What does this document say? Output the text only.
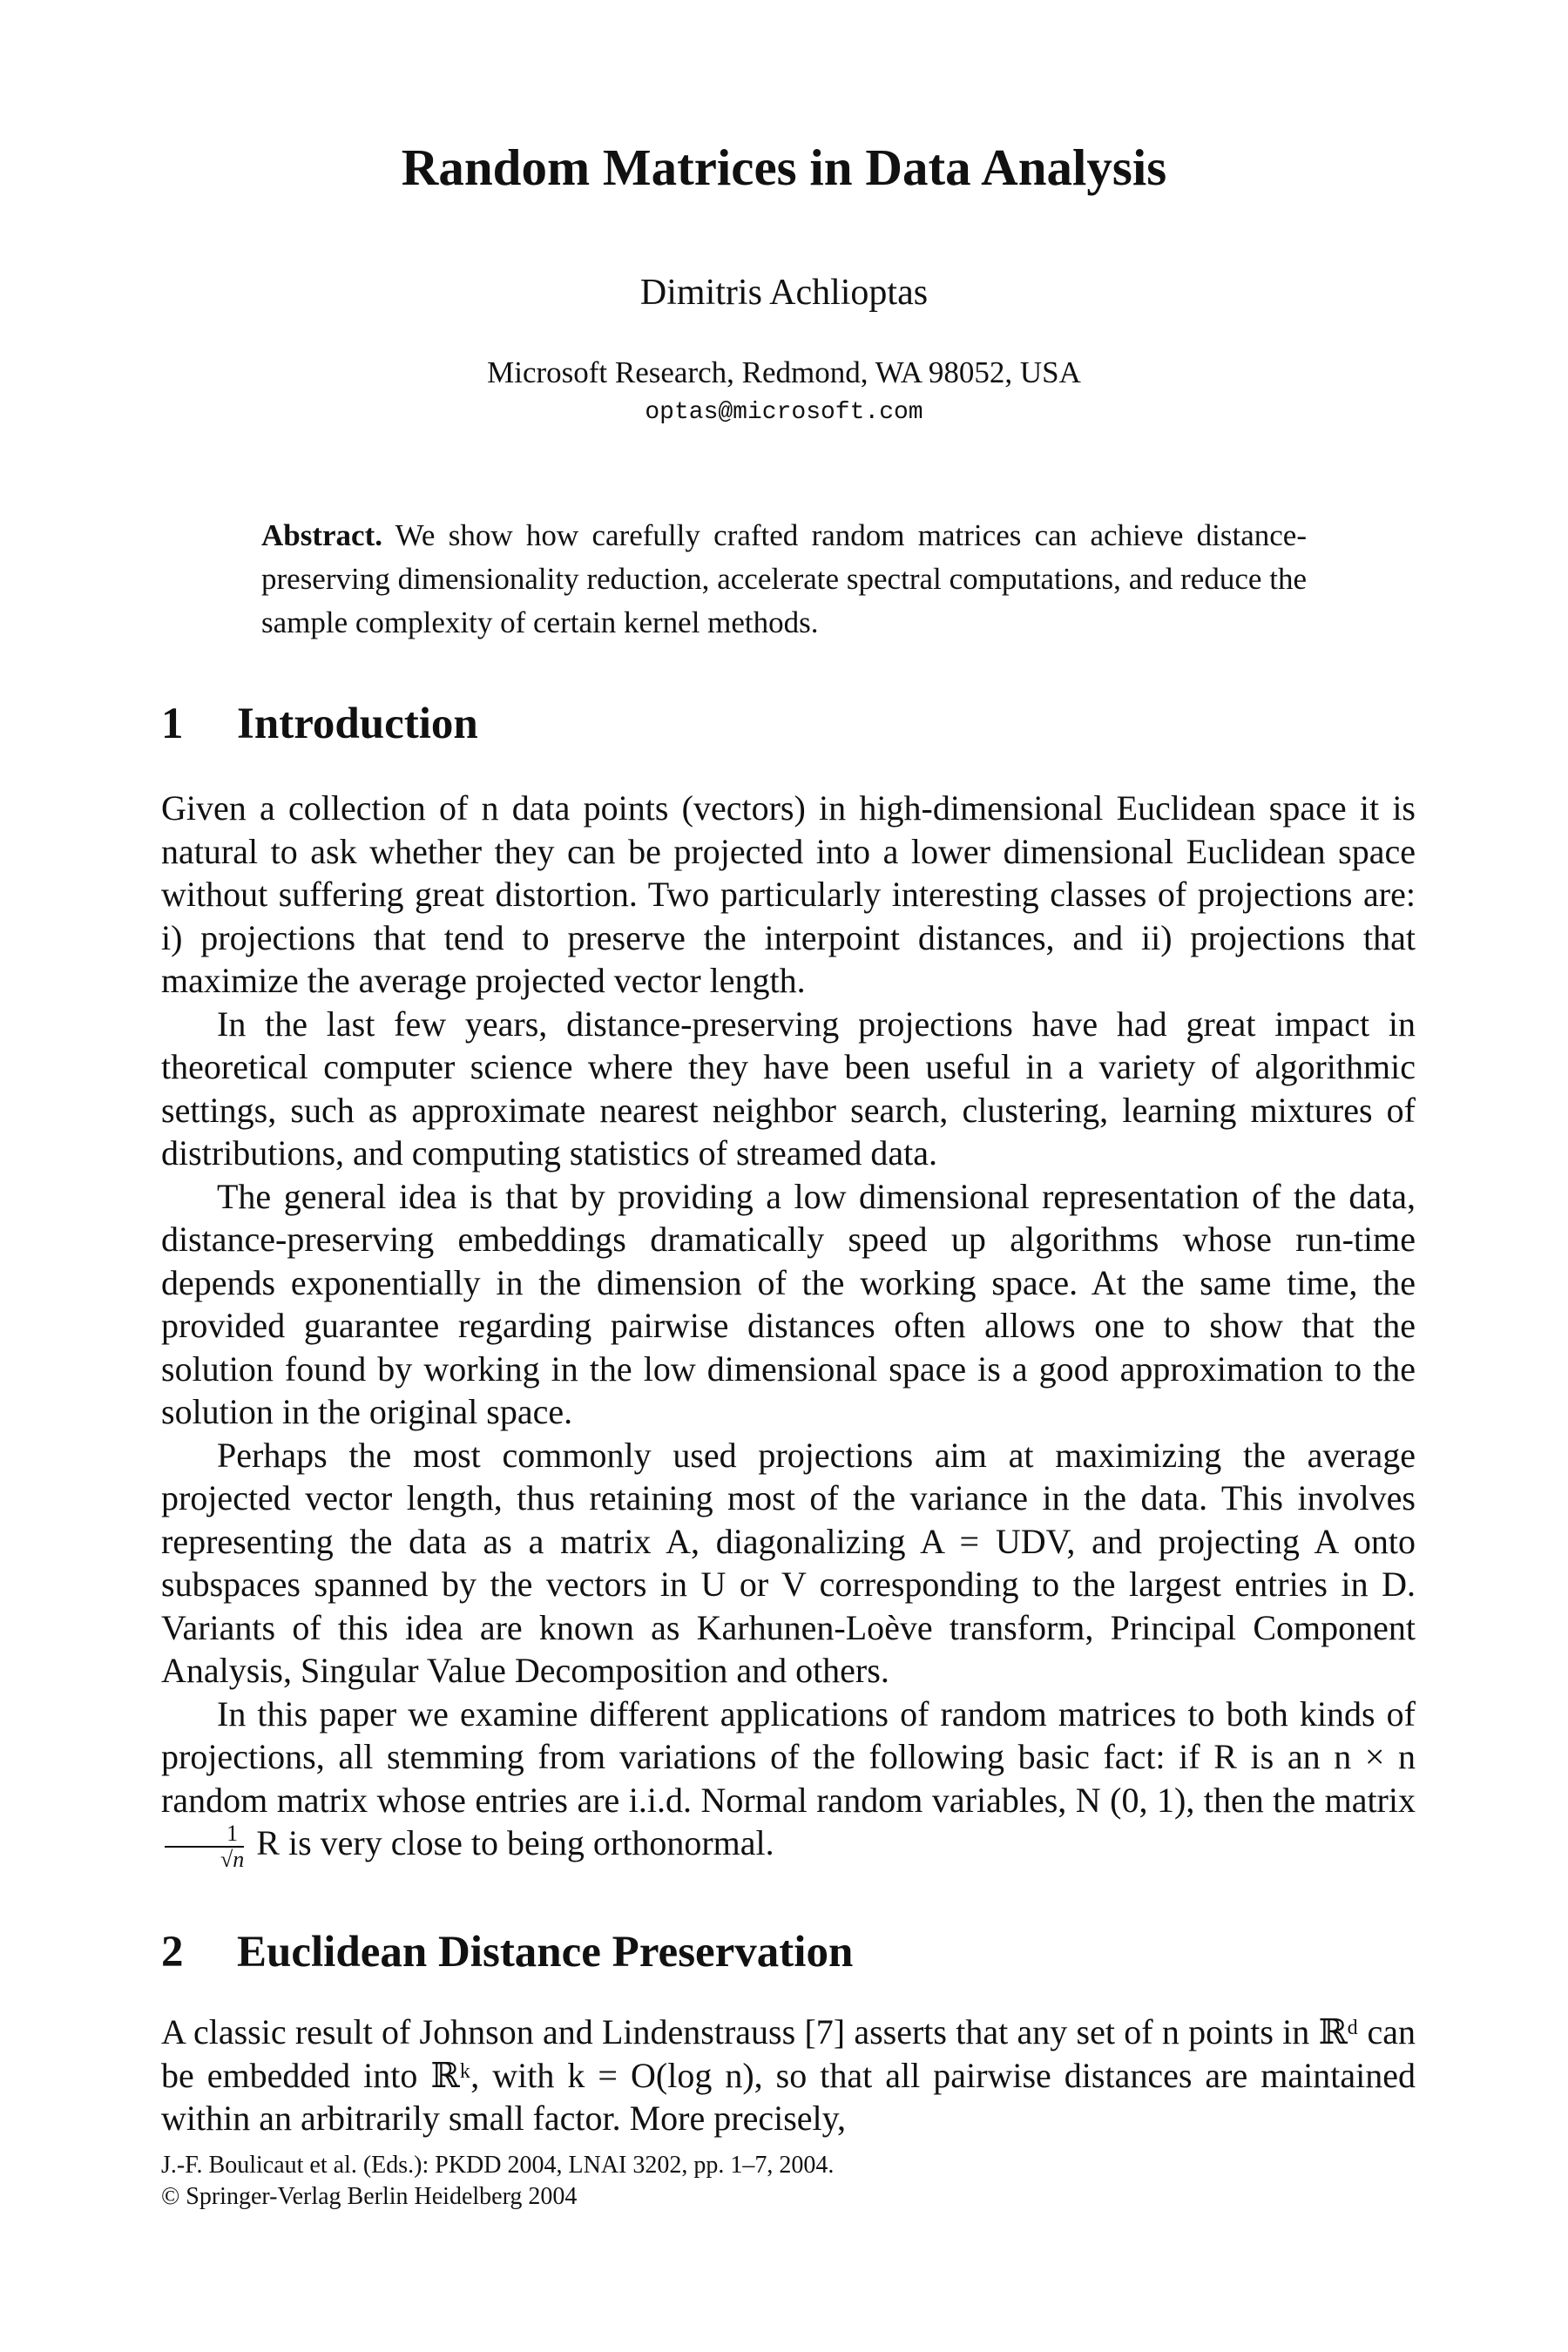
Random Matrices in Data Analysis
Dimitris Achlioptas
Microsoft Research, Redmond, WA 98052, USA
optas@microsoft.com

Abstract. We show how carefully crafted random matrices can achieve distance-preserving dimensionality reduction, accelerate spectral computations, and reduce the sample complexity of certain kernel methods.

1 Introduction

Given a collection of n data points (vectors) in high-dimensional Euclidean space it is natural to ask whether they can be projected into a lower dimensional Euclidean space without suffering great distortion. Two particularly interesting classes of projections are: i) projections that tend to preserve the interpoint distances, and ii) projections that maximize the average projected vector length.

In the last few years, distance-preserving projections have had great impact in theoretical computer science where they have been useful in a variety of algorithmic settings, such as approximate nearest neighbor search, clustering, learning mixtures of distributions, and computing statistics of streamed data.

The general idea is that by providing a low dimensional representation of the data, distance-preserving embeddings dramatically speed up algorithms whose run-time depends exponentially in the dimension of the working space. At the same time, the provided guarantee regarding pairwise distances often allows one to show that the solution found by working in the low dimensional space is a good approximation to the solution in the original space.

Perhaps the most commonly used projections aim at maximizing the average projected vector length, thus retaining most of the variance in the data. This involves representing the data as a matrix A, diagonalizing A = UDV, and projecting A onto subspaces spanned by the vectors in U or V corresponding to the largest entries in D. Variants of this idea are known as Karhunen-Loève transform, Principal Component Analysis, Singular Value Decomposition and others.

In this paper we examine different applications of random matrices to both kinds of projections, all stemming from variations of the following basic fact: if R is an n × n random matrix whose entries are i.i.d. Normal random variables, N (0, 1), then the matrix
$\frac{1}{√n}$ R is very close to being orthonormal.

2 Euclidean Distance Preservation

A classic result of Johnson and Lindenstrauss [7] asserts that any set of n points in ℝᵈ can be embedded into ℝᵏ, with k = O(log n), so that all pairwise distances are maintained within an arbitrarily small factor. More precisely,

J.-F. Boulicaut et al. (Eds.): PKDD 2004, LNAI 3202, pp. 1–7, 2004.
© Springer-Verlag Berlin Heidelberg 2004
